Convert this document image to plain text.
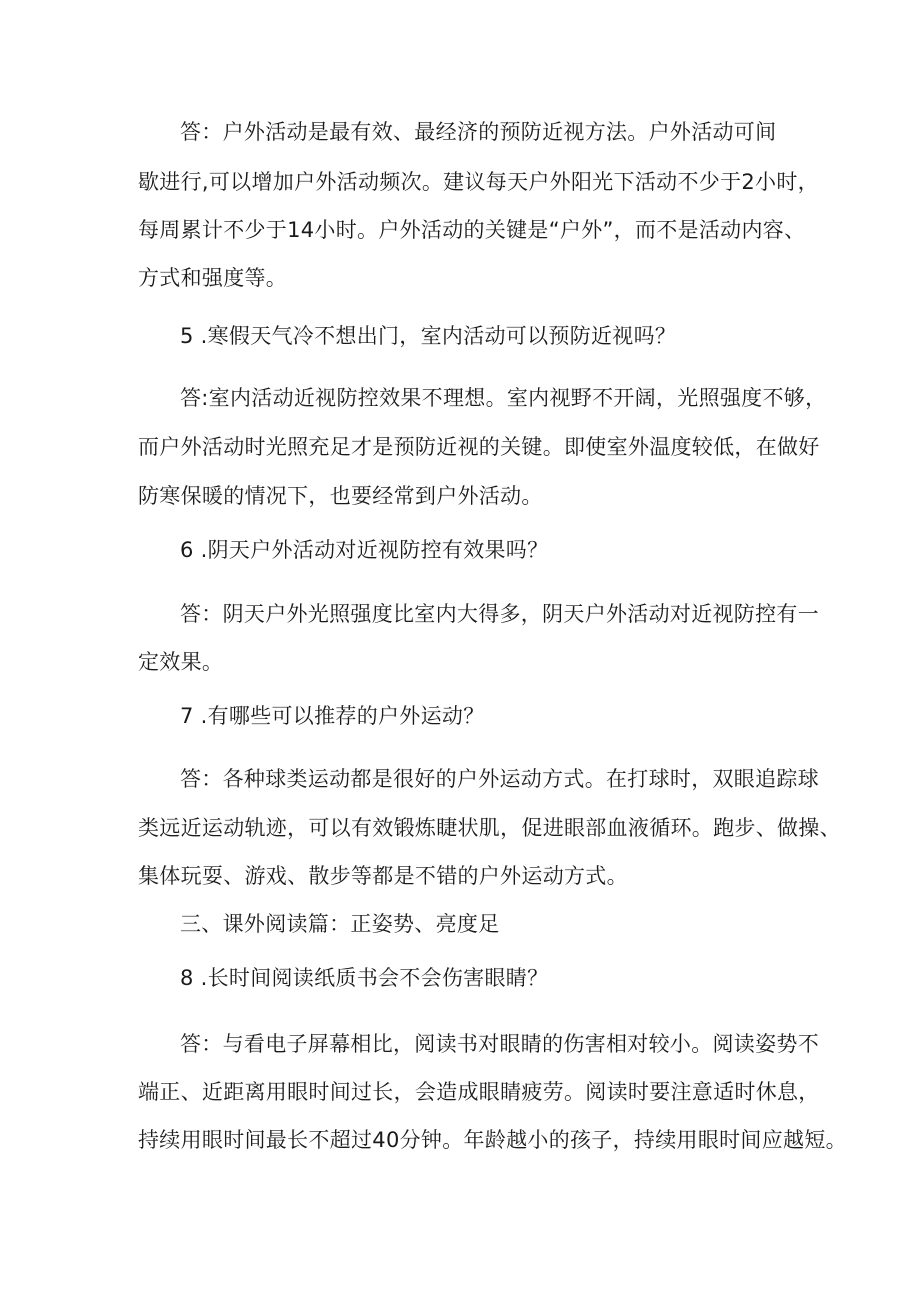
答：户外活动是最有效、最经济的预防近视方法。户外活动可间
歇进行,可以增加户外活动频次。建议每天户外阳光下活动不少于2小时，
每周累计不少于14小时。户外活动的关键是“户外”，而不是活动内容、
方式和强度等。
5 .寒假天气冷不想出门，室内活动可以预防近视吗？
答:室内活动近视防控效果不理想。室内视野不开阔，光照强度不够，
而户外活动时光照充足才是预防近视的关键。即使室外温度较低，在做好
防寒保暖的情况下，也要经常到户外活动。
6 .阴天户外活动对近视防控有效果吗？
答：阴天户外光照强度比室内大得多，阴天户外活动对近视防控有一
定效果。
7 .有哪些可以推荐的户外运动？
答：各种球类运动都是很好的户外运动方式。在打球时，双眼追踪球
类远近运动轨迹，可以有效锻炼睫状肌，促进眼部血液循环。跑步、做操、
集体玩耍、游戏、散步等都是不错的户外运动方式。
三、课外阅读篇：正姿势、亮度足
8 .长时间阅读纸质书会不会伤害眼睛？
答：与看电子屏幕相比，阅读书对眼睛的伤害相对较小。阅读姿势不
端正、近距离用眼时间过长，会造成眼睛疲劳。阅读时要注意适时休息，
持续用眼时间最长不超过40分钟。年龄越小的孩子，持续用眼时间应越短。
